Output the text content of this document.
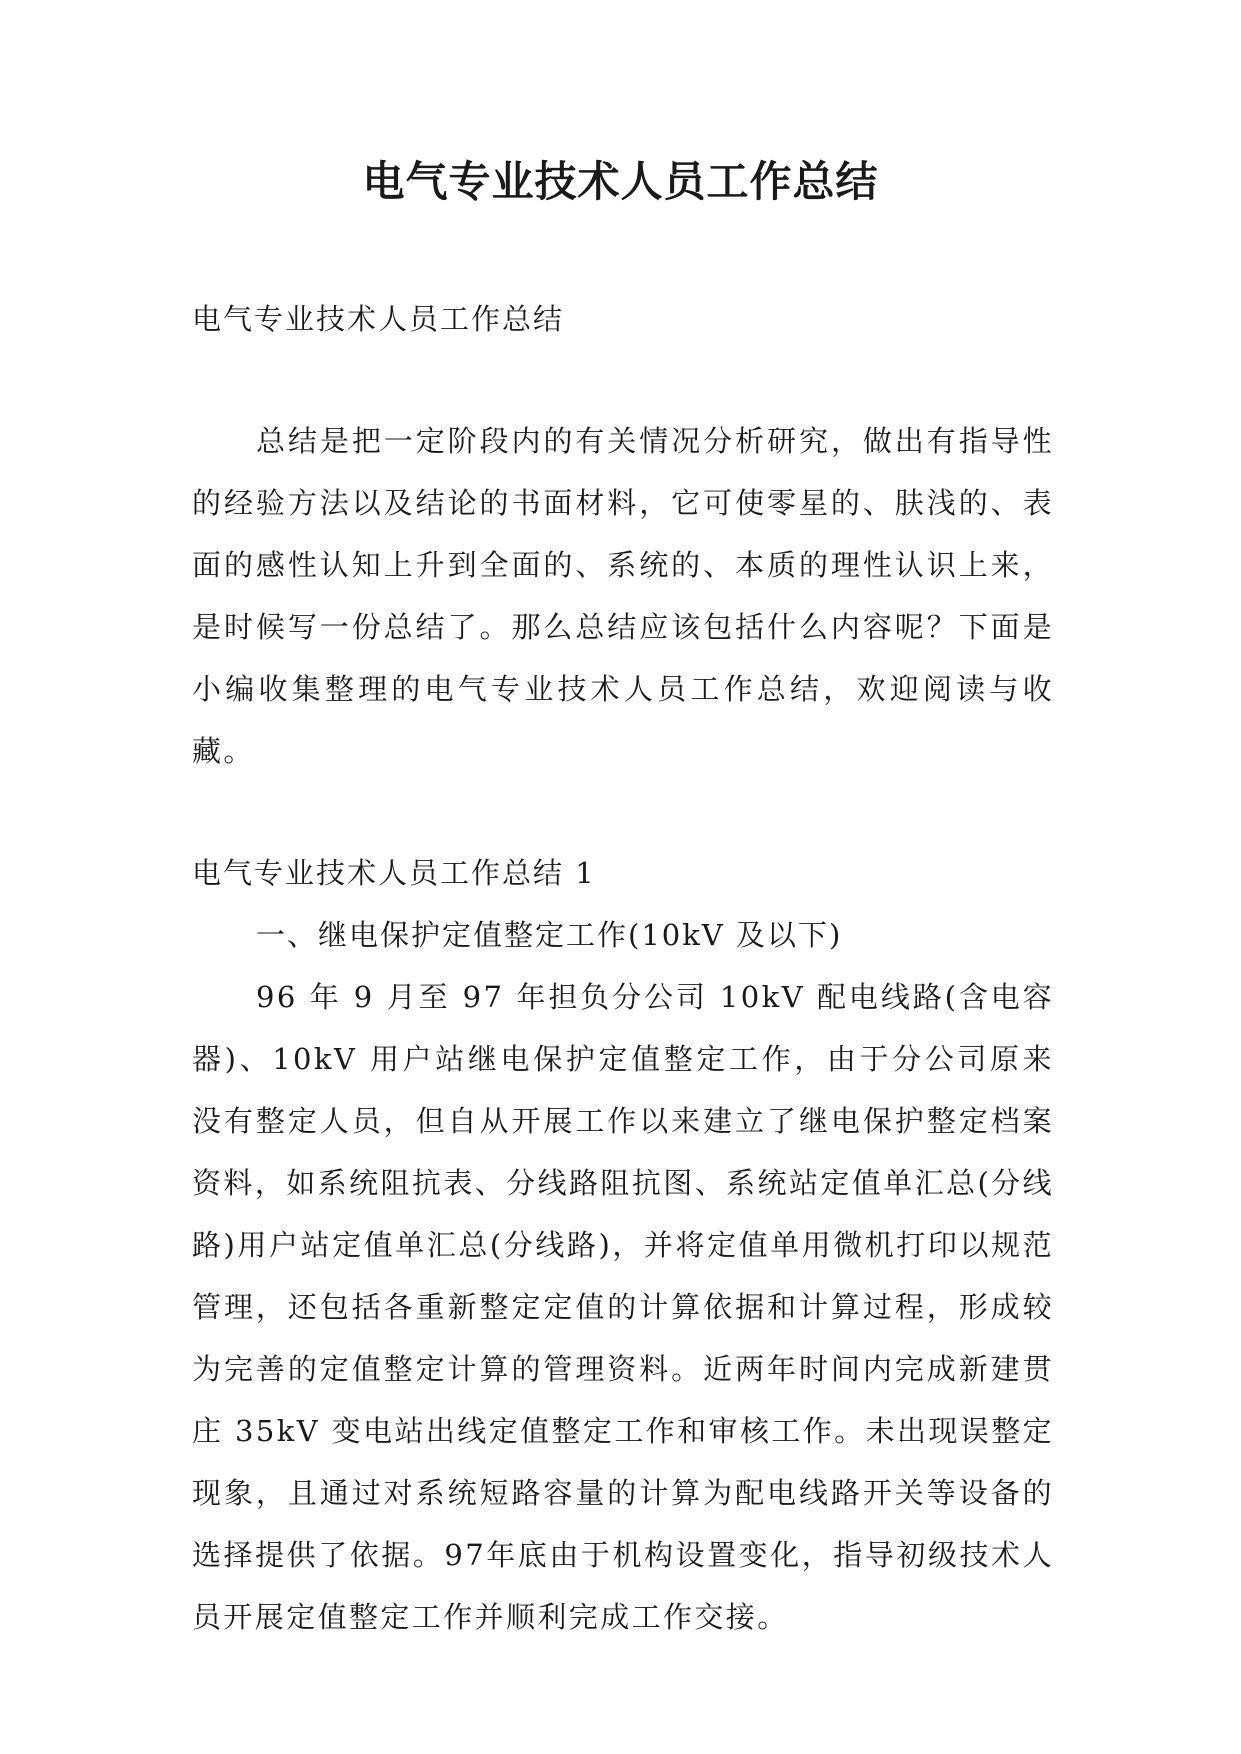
电气专业技术人员工作总结

电气专业技术人员工作总结

总结是把一定阶段内的有关情况分析研究，做出有指导性的经验方法以及结论的书面材料，它可使零星的、肤浅的、表面的感性认知上升到全面的、系统的、本质的理性认识上来，是时候写一份总结了。那么总结应该包括什么内容呢？下面是小编收集整理的电气专业技术人员工作总结，欢迎阅读与收藏。

电气专业技术人员工作总结 1

一、继电保护定值整定工作(10kV 及以下)

96 年 9 月至 97 年担负分公司 10kV 配电线路(含电容器)、10kV 用户站继电保护定值整定工作，由于分公司原来没有整定人员，但自从开展工作以来建立了继电保护整定档案资料，如系统阻抗表、分线路阻抗图、系统站定值单汇总(分线路)用户站定值单汇总(分线路)，并将定值单用微机打印以规范管理，还包括各重新整定定值的计算依据和计算过程，形成较为完善的定值整定计算的管理资料。近两年时间内完成新建贯庄 35kV 变电站出线定值整定工作和审核工作。未出现误整定现象，且通过对系统短路容量的计算为配电线路开关等设备的选择提供了依据。97年底由于机构设置变化，指导初级技术人员开展定值整定工作并顺利完成工作交接。
